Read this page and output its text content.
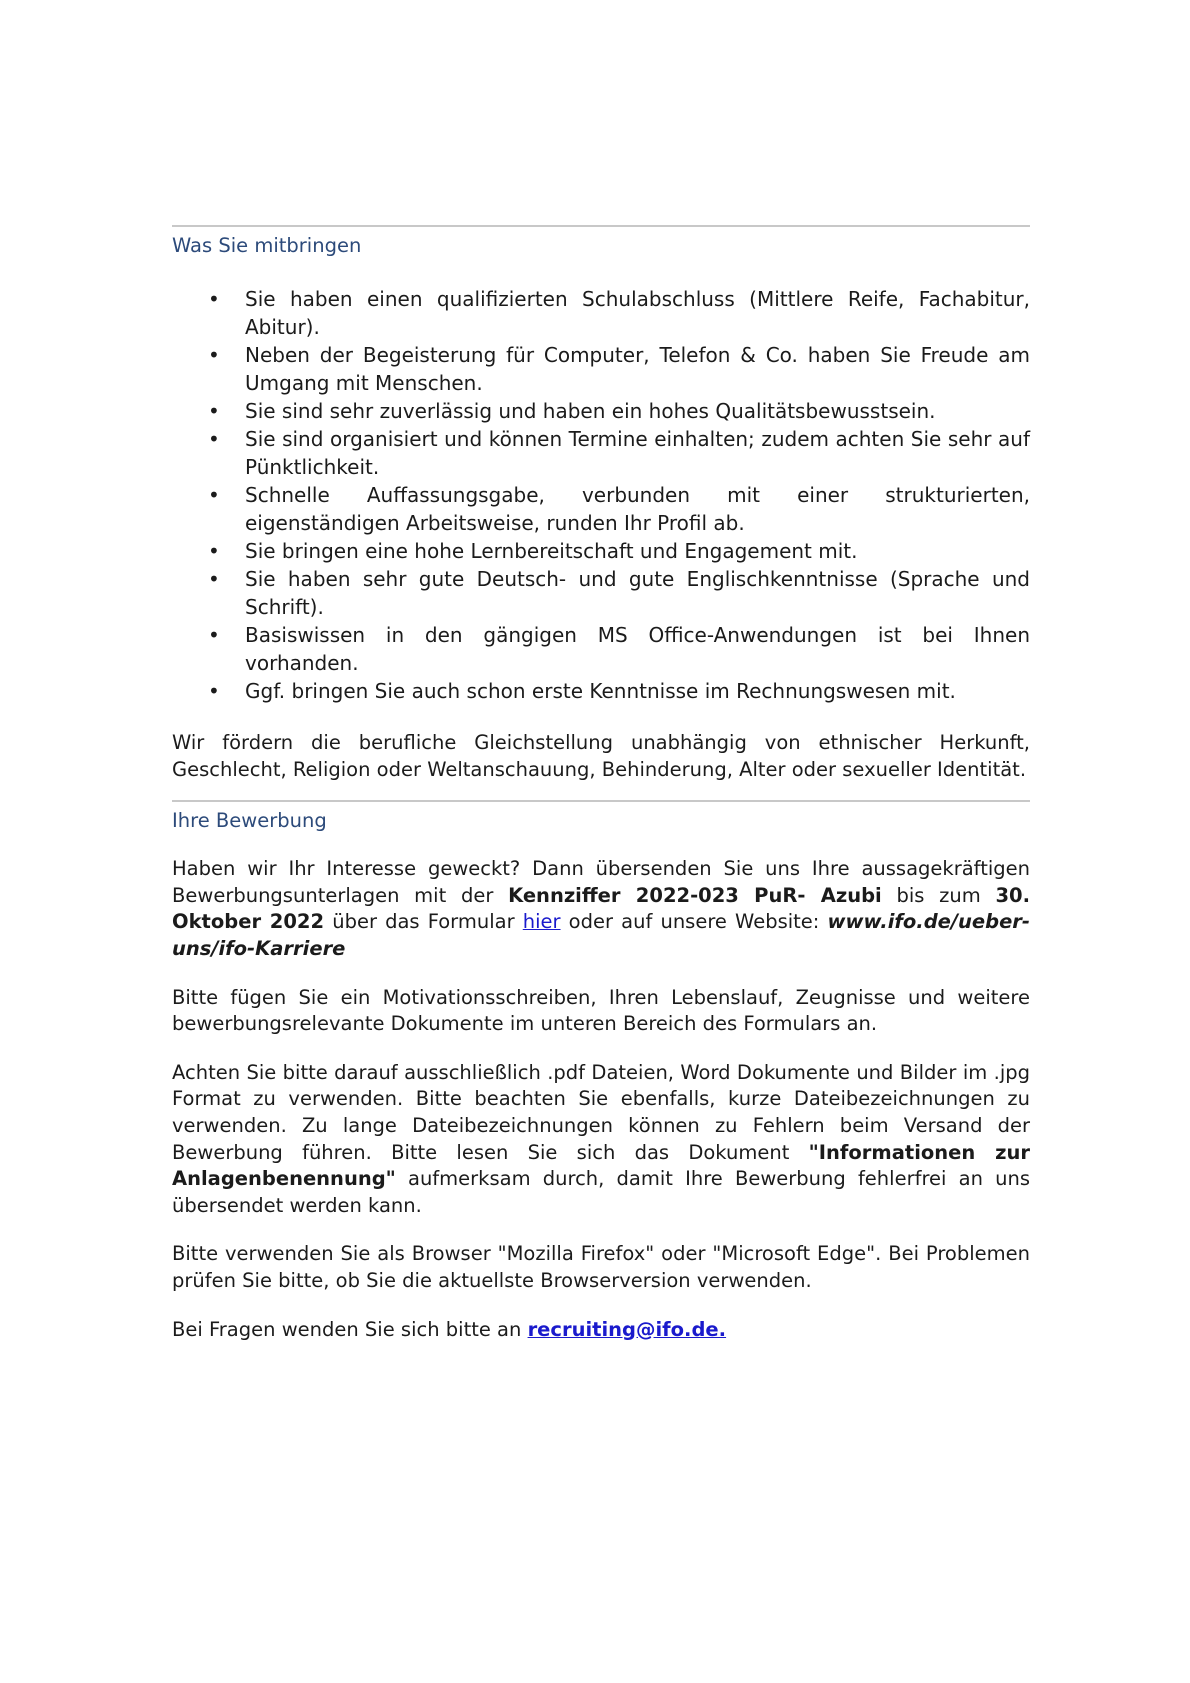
Was Sie mitbringen
• Sie haben einen qualifizierten Schulabschluss (Mittlere Reife, Fachabitur, Abitur).
• Neben der Begeisterung für Computer, Telefon & Co. haben Sie Freude am Umgang mit Menschen.
• Sie sind sehr zuverlässig und haben ein hohes Qualitätsbewusstsein.
• Sie sind organisiert und können Termine einhalten; zudem achten Sie sehr auf Pünktlichkeit.
• Schnelle Auffassungsgabe, verbunden mit einer strukturierten, eigenständigen Arbeitsweise, runden Ihr Profil ab.
• Sie bringen eine hohe Lernbereitschaft und Engagement mit.
• Sie haben sehr gute Deutsch- und gute Englischkenntnisse (Sprache und Schrift).
• Basiswissen in den gängigen MS Office-Anwendungen ist bei Ihnen vorhanden.
• Ggf. bringen Sie auch schon erste Kenntnisse im Rechnungswesen mit.

Wir fördern die berufliche Gleichstellung unabhängig von ethnischer Herkunft, Geschlecht, Religion oder Weltanschauung, Behinderung, Alter oder sexueller Identität.

Ihre Bewerbung

Haben wir Ihr Interesse geweckt? Dann übersenden Sie uns Ihre aussagekräftigen Bewerbungsunterlagen mit der Kennziffer 2022-023 PuR- Azubi bis zum 30. Oktober 2022 über das Formular hier oder auf unsere Website: www.ifo.de/ueber-uns/ifo-Karriere

Bitte fügen Sie ein Motivationsschreiben, Ihren Lebenslauf, Zeugnisse und weitere bewerbungsrelevante Dokumente im unteren Bereich des Formulars an.

Achten Sie bitte darauf ausschließlich .pdf Dateien, Word Dokumente und Bilder im .jpg Format zu verwenden. Bitte beachten Sie ebenfalls, kurze Dateibezeichnungen zu verwenden. Zu lange Dateibezeichnungen können zu Fehlern beim Versand der Bewerbung führen. Bitte lesen Sie sich das Dokument "Informationen zur Anlagenbenennung" aufmerksam durch, damit Ihre Bewerbung fehlerfrei an uns übersendet werden kann.

Bitte verwenden Sie als Browser "Mozilla Firefox" oder "Microsoft Edge". Bei Problemen prüfen Sie bitte, ob Sie die aktuellste Browserversion verwenden.

Bei Fragen wenden Sie sich bitte an recruiting@ifo.de.
